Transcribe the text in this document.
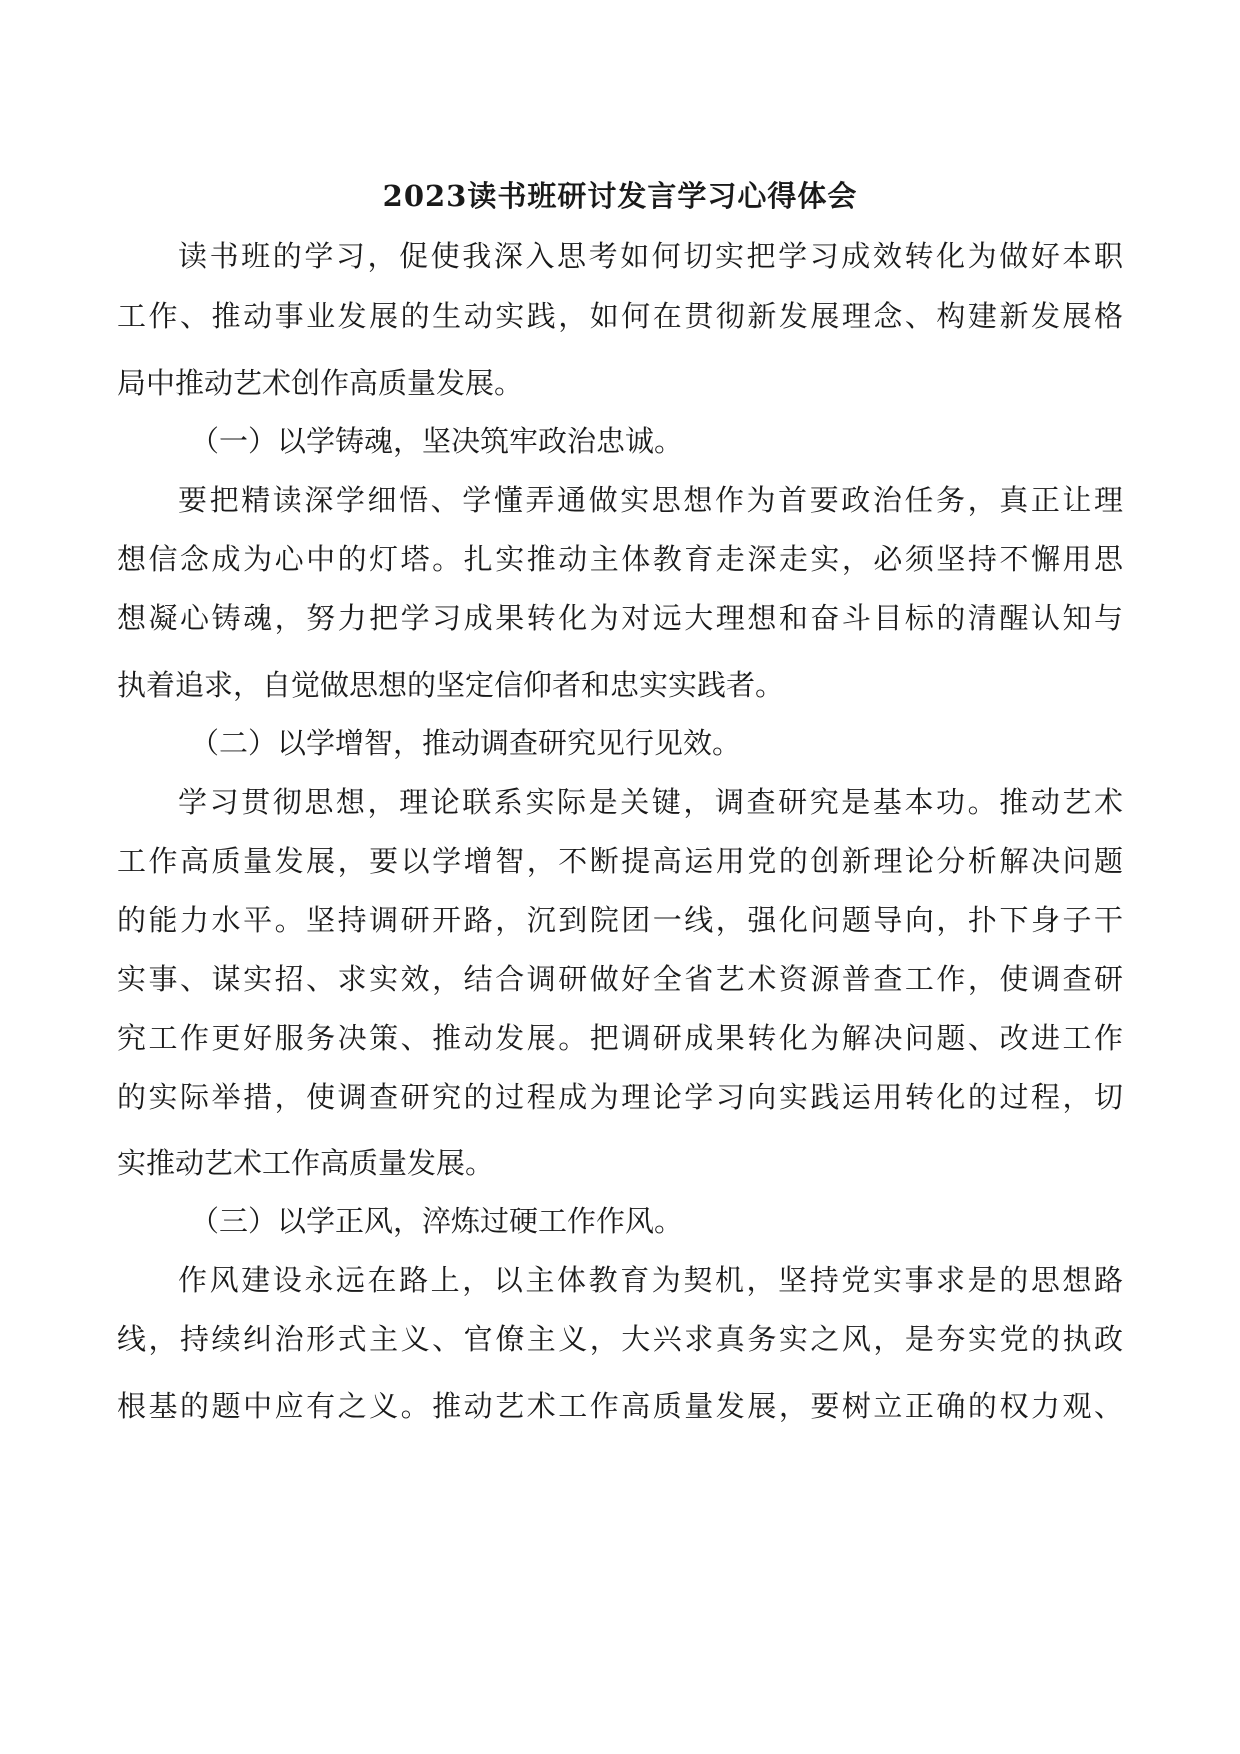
2023读书班研讨发言学习心得体会
读书班的学习，促使我深入思考如何切实把学习成效转化为做好本职
工作、推动事业发展的生动实践，如何在贯彻新发展理念、构建新发展格
局中推动艺术创作高质量发展。
（一）以学铸魂，坚决筑牢政治忠诚。
要把精读深学细悟、学懂弄通做实思想作为首要政治任务，真正让理
想信念成为心中的灯塔。扎实推动主体教育走深走实，必须坚持不懈用思
想凝心铸魂，努力把学习成果转化为对远大理想和奋斗目标的清醒认知与
执着追求，自觉做思想的坚定信仰者和忠实实践者。
（二）以学增智，推动调查研究见行见效。
学习贯彻思想，理论联系实际是关键，调查研究是基本功。推动艺术
工作高质量发展，要以学增智，不断提高运用党的创新理论分析解决问题
的能力水平。坚持调研开路，沉到院团一线，强化问题导向，扑下身子干
实事、谋实招、求实效，结合调研做好全省艺术资源普查工作，使调查研
究工作更好服务决策、推动发展。把调研成果转化为解决问题、改进工作
的实际举措，使调查研究的过程成为理论学习向实践运用转化的过程，切
实推动艺术工作高质量发展。
（三）以学正风，淬炼过硬工作作风。
作风建设永远在路上，以主体教育为契机，坚持党实事求是的思想路
线，持续纠治形式主义、官僚主义，大兴求真务实之风，是夯实党的执政
根基的题中应有之义。推动艺术工作高质量发展，要树立正确的权力观、
